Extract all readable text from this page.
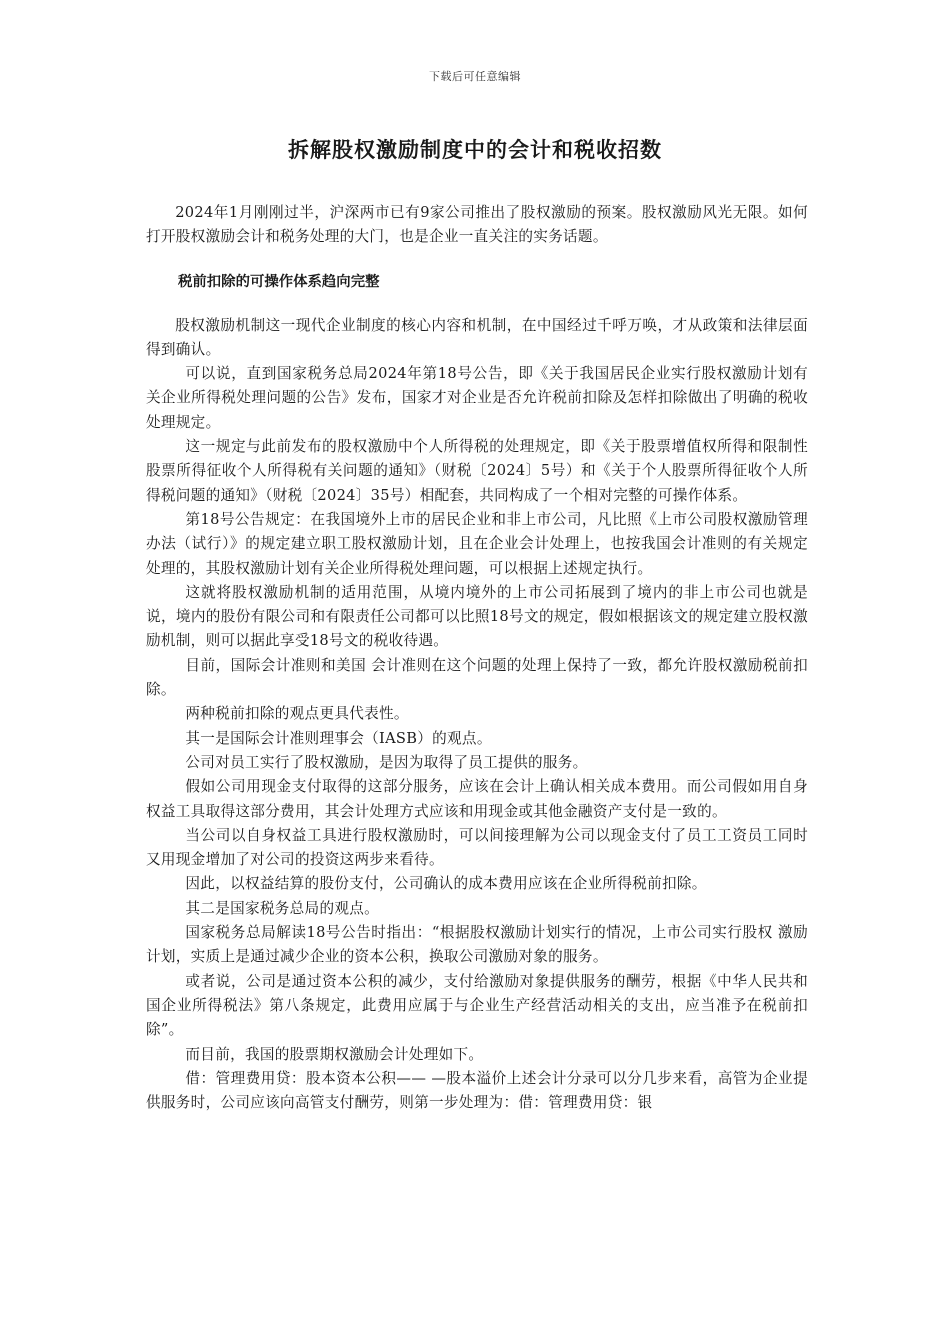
下载后可任意编辑
拆解股权激励制度中的会计和税收招数

2024年1月刚刚过半，沪深两市已有9家公司推出了股权激励的预案。股权激励风光无限。如何打开股权激励会计和税务处理的大门，也是企业一直关注的实务话题。

税前扣除的可操作体系趋向完整

股权激励机制这一现代企业制度的核心内容和机制，在中国经过千呼万唤，才从政策和法律层面得到确认。

可以说，直到国家税务总局2024年第18号公告，即《关于我国居民企业实行股权激励计划有关企业所得税处理问题的公告》发布，国家才对企业是否允许税前扣除及怎样扣除做出了明确的税收处理规定。

这一规定与此前发布的股权激励中个人所得税的处理规定，即《关于股票增值权所得和限制性股票所得征收个人所得税有关问题的通知》（财税〔2024〕5号）和《关于个人股票所得征收个人所得税问题的通知》（财税〔2024〕35号）相配套，共同构成了一个相对完整的可操作体系。

第18号公告规定：在我国境外上市的居民企业和非上市公司，凡比照《上市公司股权激励管理办法（试行）》的规定建立职工股权激励计划，且在企业会计处理上，也按我国会计准则的有关规定处理的，其股权激励计划有关企业所得税处理问题，可以根据上述规定执行。

这就将股权激励机制的适用范围，从境内境外的上市公司拓展到了境内的非上市公司也就是说，境内的股份有限公司和有限责任公司都可以比照18号文的规定，假如根据该文的规定建立股权激励机制，则可以据此享受18号文的税收待遇。

目前，国际会计准则和美国 会计准则在这个问题的处理上保持了一致，都允许股权激励税前扣除。

两种税前扣除的观点更具代表性。

其一是国际会计准则理事会（IASB）的观点。

公司对员工实行了股权激励，是因为取得了员工提供的服务。

假如公司用现金支付取得的这部分服务，应该在会计上确认相关成本费用。而公司假如用自身权益工具取得这部分费用，其会计处理方式应该和用现金或其他金融资产支付是一致的。

当公司以自身权益工具进行股权激励时，可以间接理解为公司以现金支付了员工工资员工同时又用现金增加了对公司的投资这两步来看待。

因此，以权益结算的股份支付，公司确认的成本费用应该在企业所得税前扣除。

其二是国家税务总局的观点。

国家税务总局解读18号公告时指出：“根据股权激励计划实行的情况，上市公司实行股权 激励计划，实质上是通过减少企业的资本公积，换取公司激励对象的服务。

或者说，公司是通过资本公积的减少，支付给激励对象提供服务的酬劳，根据《中华人民共和国企业所得税法》第八条规定，此费用应属于与企业生产经营活动相关的支出，应当准予在税前扣除”。

而目前，我国的股票期权激励会计处理如下。

借：管理费用贷：股本资本公积—— —股本溢价上述会计分录可以分几步来看，高管为企业提供服务时，公司应该向高管支付酬劳，则第一步处理为：借：管理费用贷：银
